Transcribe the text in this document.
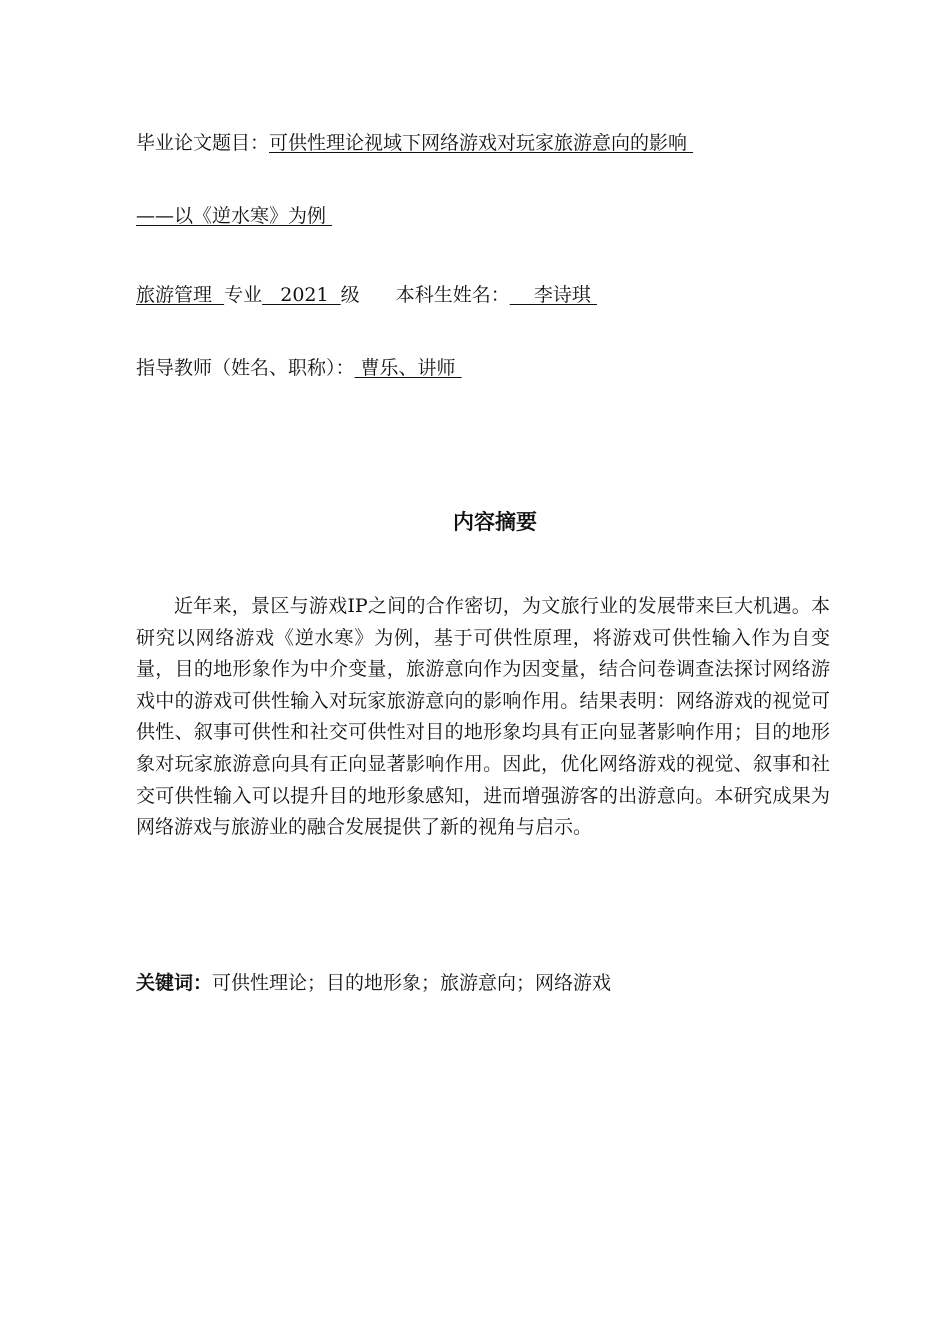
毕业论文题目：可供性理论视域下网络游戏对玩家旅游意向的影响
——以《逆水寒》为例
旅游管理  专业   2021  级 本科生姓名：    李诗琪
指导教师（姓名、职称）： 曹乐、讲师
内容摘要

近年来，景区与游戏IP之间的合作密切，为文旅行业的发展带来巨大机遇。本研究以网络游戏《逆水寒》为例，基于可供性原理，将游戏可供性输入作为自变量，目的地形象作为中介变量，旅游意向作为因变量，结合问卷调查法探讨网络游戏中的游戏可供性输入对玩家旅游意向的影响作用。结果表明：网络游戏的视觉可供性、叙事可供性和社交可供性对目的地形象均具有正向显著影响作用；目的地形象对玩家旅游意向具有正向显著影响作用。因此，优化网络游戏的视觉、叙事和社交可供性输入可以提升目的地形象感知，进而增强游客的出游意向。本研究成果为网络游戏与旅游业的融合发展提供了新的视角与启示。

关键词：可供性理论；目的地形象；旅游意向；网络游戏
